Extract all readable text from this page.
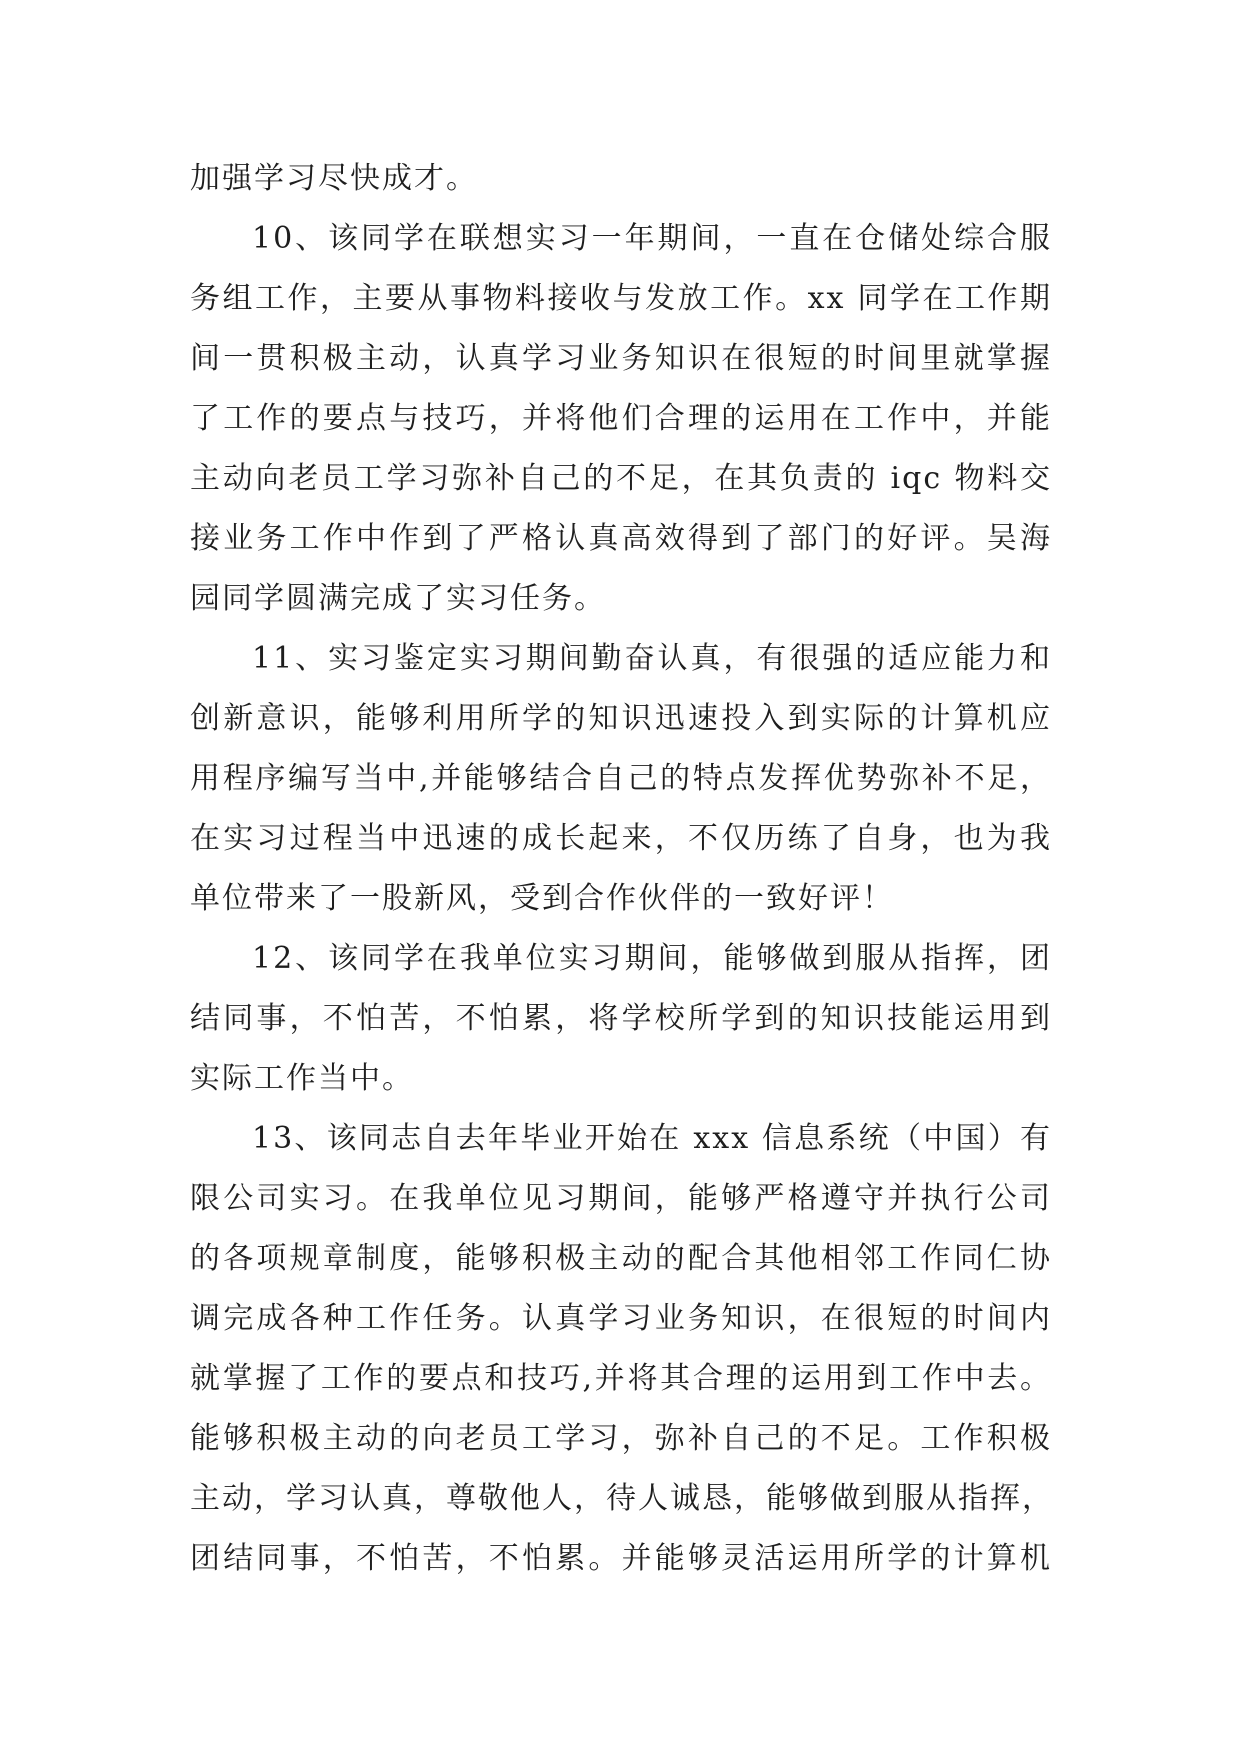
加强学习尽快成才。
10、该同学在联想实习一年期间，一直在仓储处综合服
务组工作，主要从事物料接收与发放工作。xx 同学在工作期
间一贯积极主动，认真学习业务知识在很短的时间里就掌握
了工作的要点与技巧，并将他们合理的运用在工作中，并能
主动向老员工学习弥补自己的不足，在其负责的 iqc 物料交
接业务工作中作到了严格认真高效得到了部门的好评。吴海
园同学圆满完成了实习任务。
11、实习鉴定实习期间勤奋认真，有很强的适应能力和
创新意识，能够利用所学的知识迅速投入到实际的计算机应
用程序编写当中,并能够结合自己的特点发挥优势弥补不足，
在实习过程当中迅速的成长起来，不仅历练了自身，也为我
单位带来了一股新风，受到合作伙伴的一致好评！
12、该同学在我单位实习期间，能够做到服从指挥，团
结同事，不怕苦，不怕累，将学校所学到的知识技能运用到
实际工作当中。
13、该同志自去年毕业开始在 xxx 信息系统（中国）有
限公司实习。在我单位见习期间，能够严格遵守并执行公司
的各项规章制度，能够积极主动的配合其他相邻工作同仁协
调完成各种工作任务。认真学习业务知识，在很短的时间内
就掌握了工作的要点和技巧,并将其合理的运用到工作中去。
能够积极主动的向老员工学习，弥补自己的不足。工作积极
主动，学习认真，尊敬他人，待人诚恳，能够做到服从指挥，
团结同事，不怕苦，不怕累。并能够灵活运用所学的计算机
